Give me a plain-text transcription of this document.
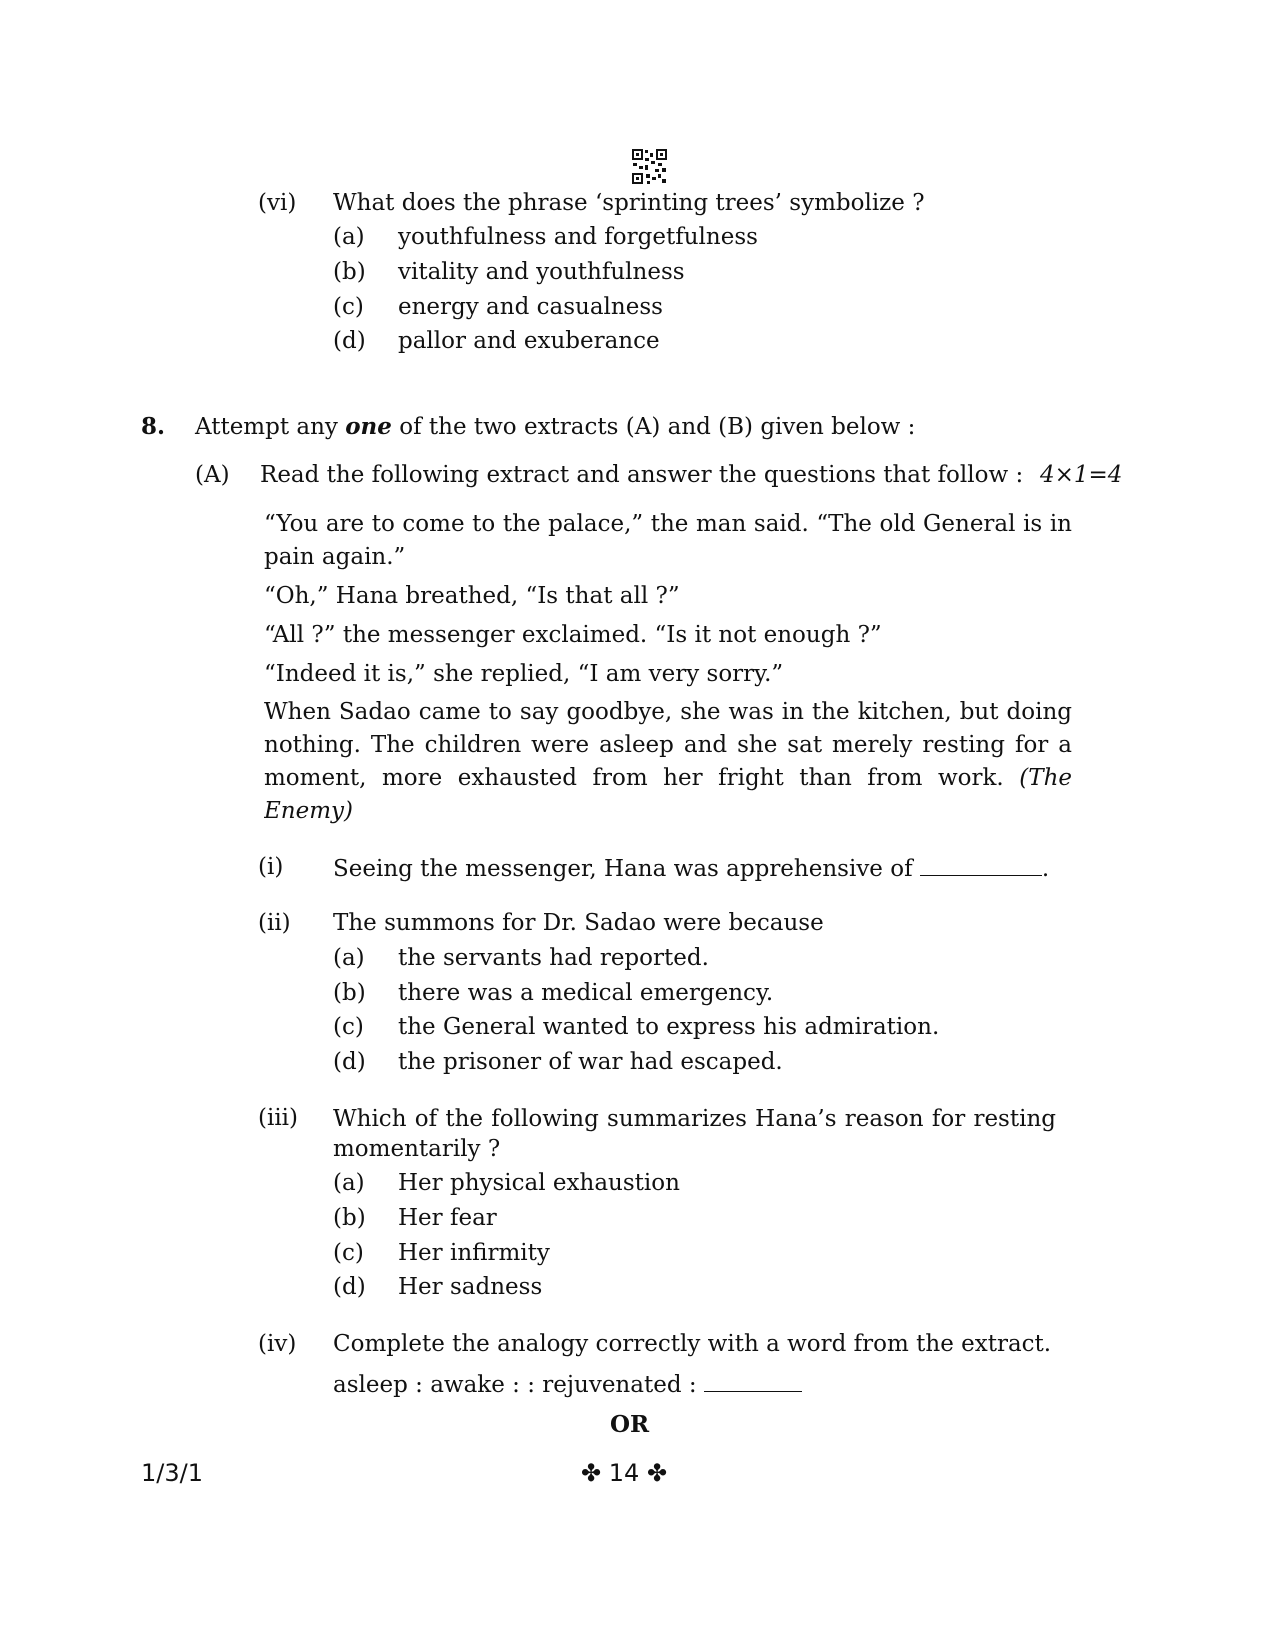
(vi) What does the phrase ‘sprinting trees’ symbolize ?
(a) youthfulness and forgetfulness
(b) vitality and youthfulness
(c) energy and casualness
(d) pallor and exuberance
8. Attempt any one of the two extracts (A) and (B) given below :
(A) Read the following extract and answer the questions that follow : 4×1=4
“You are to come to the palace,” the man said. “The old General is in pain again.”
“Oh,” Hana breathed, “Is that all ?”
“All ?” the messenger exclaimed. “Is it not enough ?”
“Indeed it is,” she replied, “I am very sorry.”
When Sadao came to say goodbye, she was in the kitchen, but doing nothing. The children were asleep and she sat merely resting for a moment, more exhausted from her fright than from work. (The Enemy)
(i) Seeing the messenger, Hana was apprehensive of	.
(ii) The summons for Dr. Sadao were because
(a) the servants had reported.
(b) there was a medical emergency.
(c) the General wanted to express his admiration.
(d) the prisoner of war had escaped.
(iii) Which of the following summarizes Hana’s reason for resting momentarily ?
(a) Her physical exhaustion
(b) Her fear
(c) Her infirmity
(d) Her sadness
(iv) Complete the analogy correctly with a word from the extract.
asleep : awake : : rejuvenated :
OR
1/3/1	✤ 14 ✤
